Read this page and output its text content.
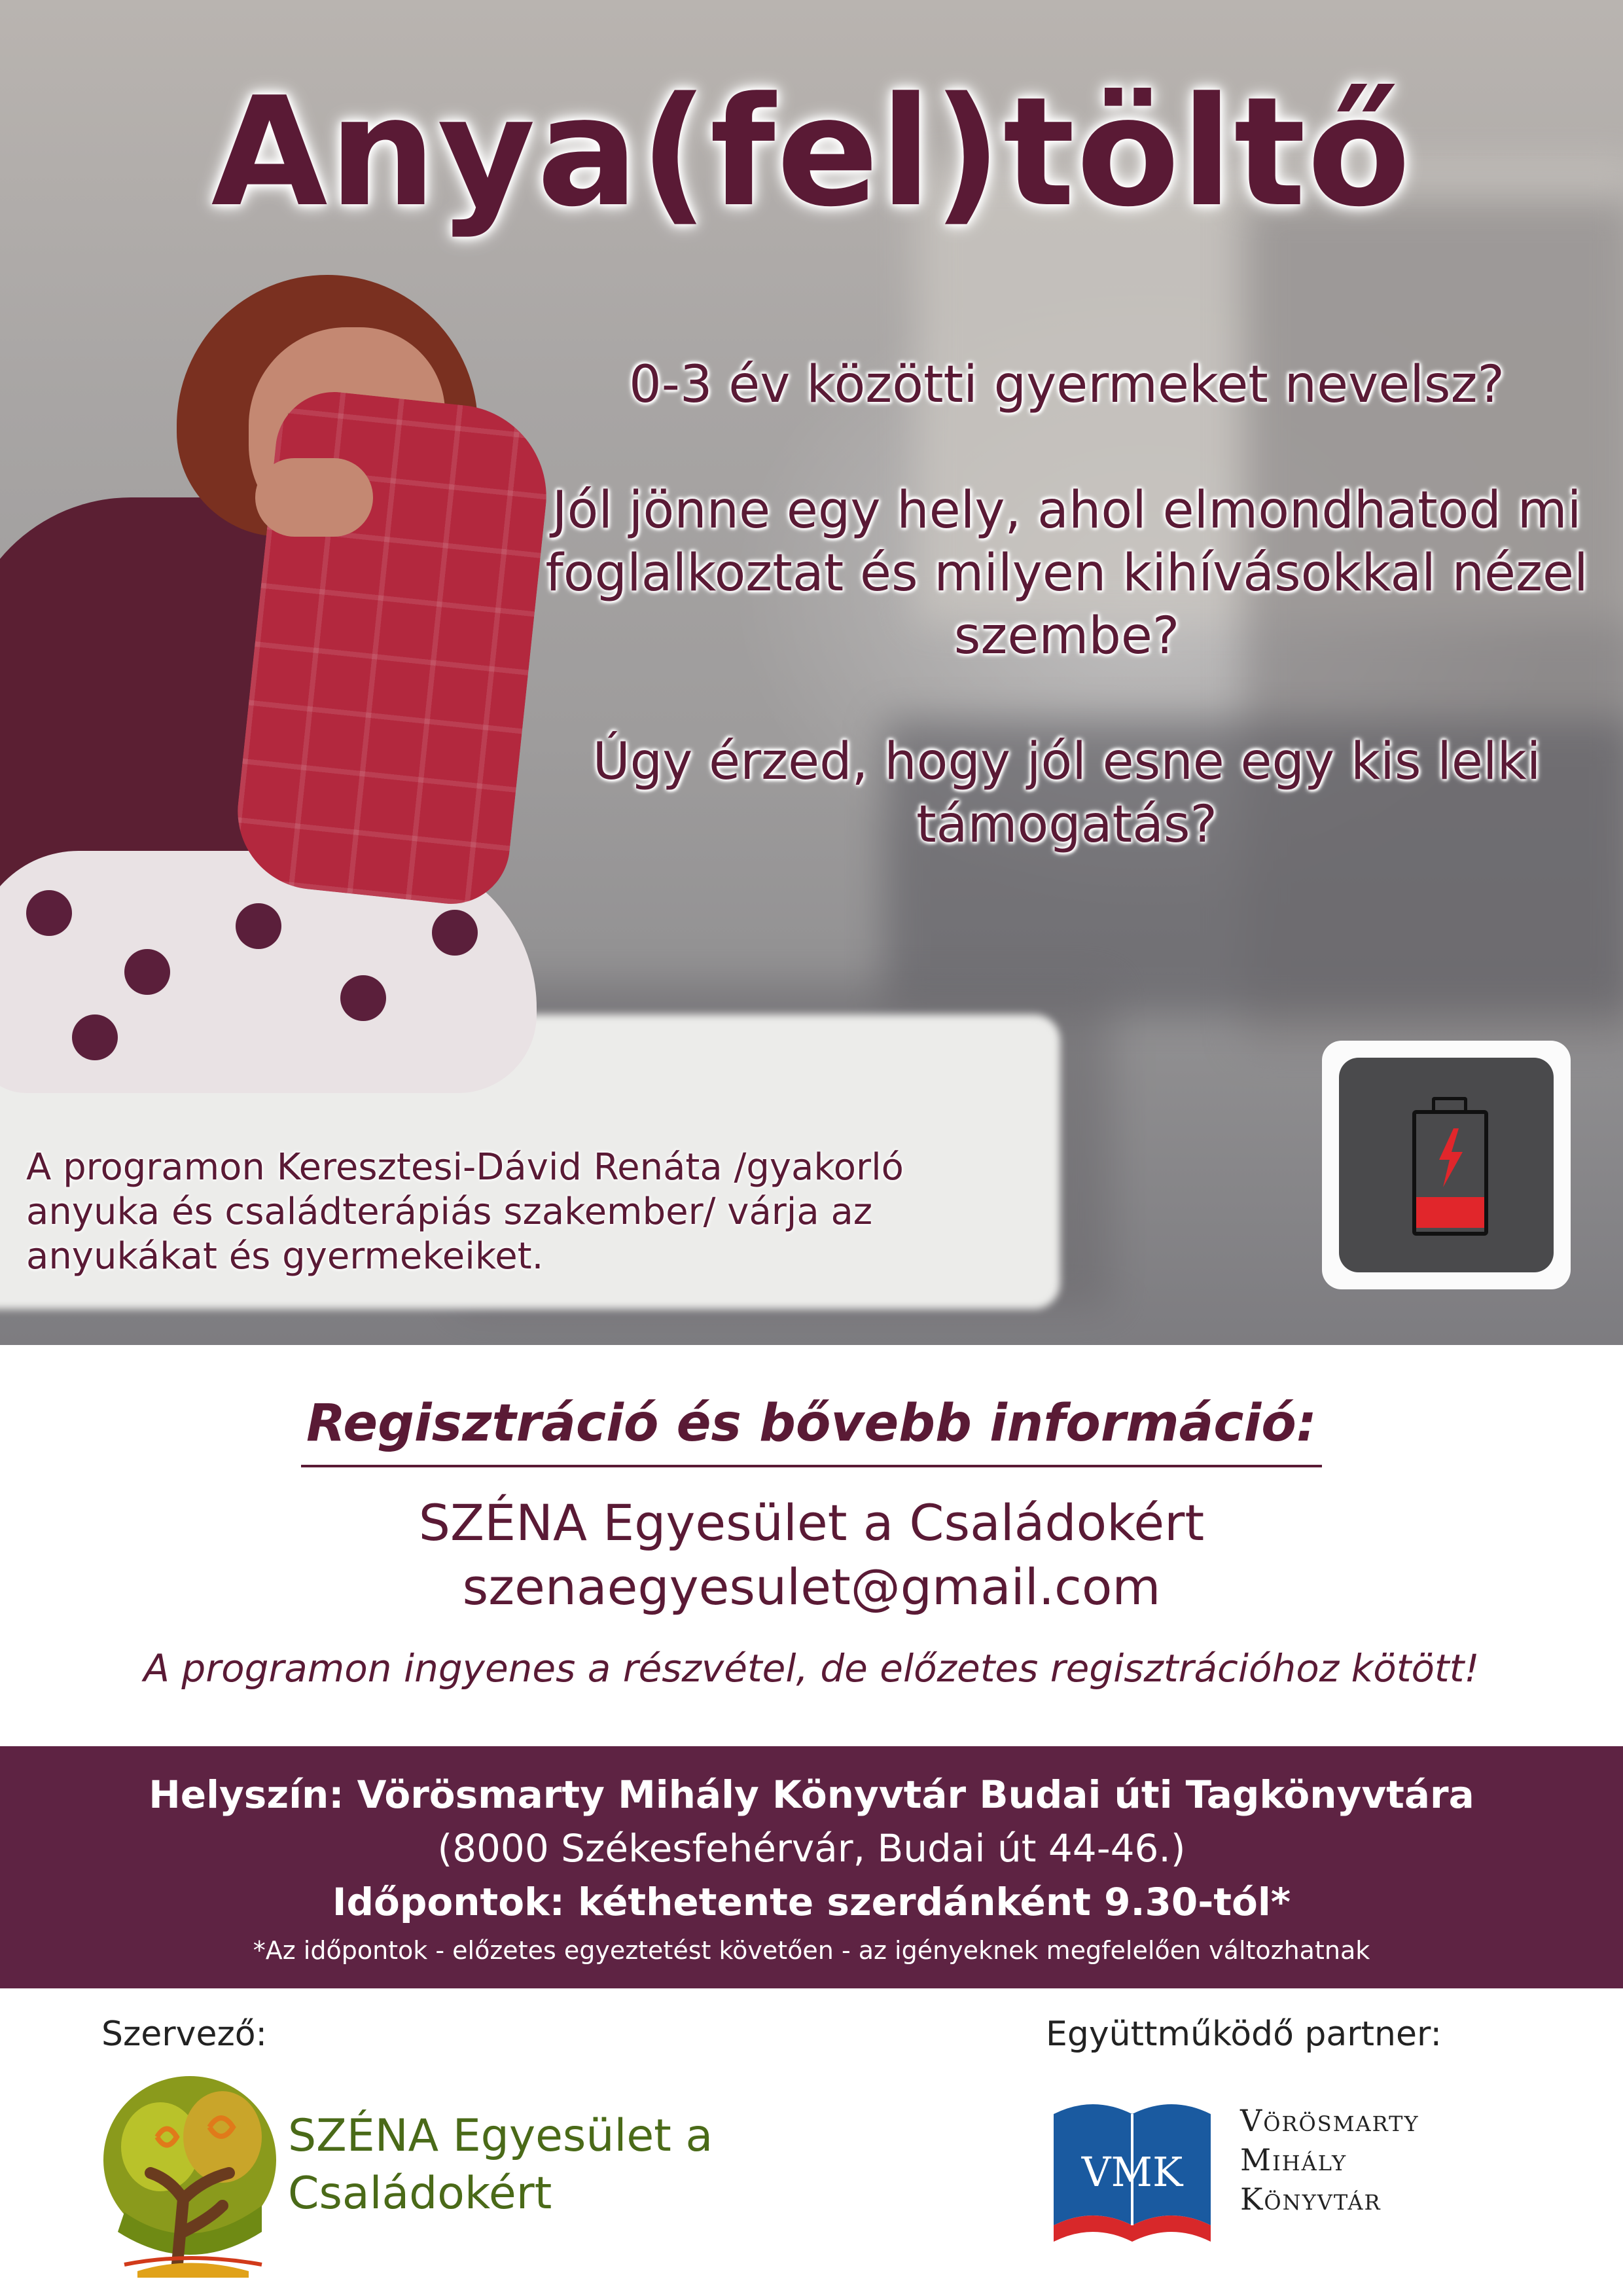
Anya(fel)töltő

0-3 év közötti gyermeket nevelsz?

Jól jönne egy hely, ahol elmondhatod mi foglalkoztat és milyen kihívásokkal nézel szembe?

Úgy érzed, hogy jól esne egy kis lelki támogatás?

A programon Keresztesi-Dávid Renáta /gyakorló anyuka és családterápiás szakember/ várja az anyukákat és gyermekeiket.
Regisztráció és bővebb információ:
SZÉNA Egyesület a Családokért
szenaegyesulet@gmail.com
A programon ingyenes a részvétel, de előzetes regisztrációhoz kötött!
Helyszín: Vörösmarty Mihály Könyvtár Budai úti Tagkönyvtára
(8000 Székesfehérvár, Budai út 44-46.)
Időpontok: kéthetente szerdánként 9.30-tól*
*Az időpontok - előzetes egyeztetést követően - az igényeknek megfelelően változhatnak
Szervező:	Együttműködő partner:
SZÉNA Egyesület a
Családokért	VMK
Vörösmarty
Mihály
Könyvtár
